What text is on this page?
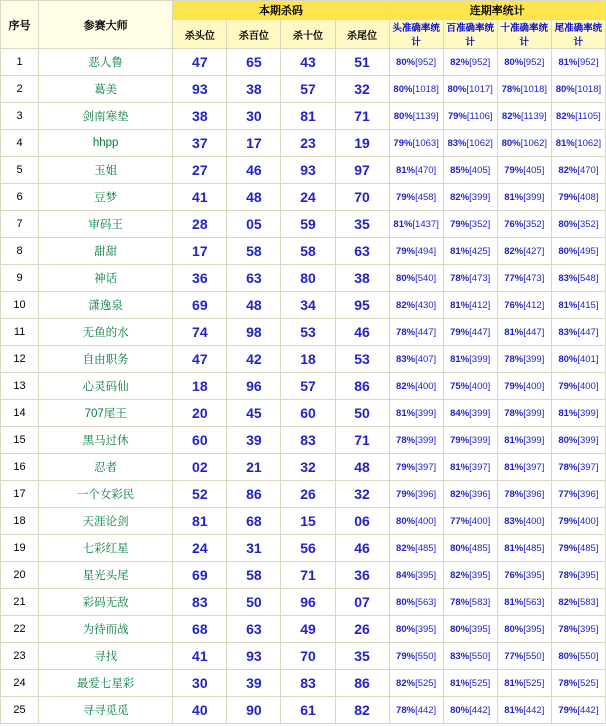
序号	参赛大师	本期杀码				连期率统计			
		杀头位	杀百位	杀十位	杀尾位	头准确率统计	百准确率统计	十准确率统计	尾准确率统计
1	恶人鲁	47	65	43	51	80%[952]	82%[952]	80%[952]	81%[952]
2	葛美	93	38	57	32	80%[1018]	80%[1017]	78%[1018]	80%[1018]
3	剑南寒垫	38	30	81	71	80%[1139]	79%[1106]	82%[1139]	82%[1105]
4	hhpp	37	17	23	19	79%[1063]	83%[1062]	80%[1062]	81%[1062]
5	玉姐	27	46	93	97	81%[470]	85%[405]	79%[405]	82%[470]
6	豆梦	41	48	24	70	79%[458]	82%[399]	81%[399]	79%[408]
7	审码王	28	05	59	35	81%[1437]	79%[352]	76%[352]	80%[352]
8	甜甜	17	58	58	63	79%[494]	81%[425]	82%[427]	80%[495]
9	神话	36	63	80	38	80%[540]	78%[473]	77%[473]	83%[548]
10	潇逸泉	69	48	34	95	82%[430]	81%[412]	76%[412]	81%[415]
11	无鱼的水	74	98	53	46	78%[447]	79%[447]	81%[447]	83%[447]
12	自由职务	47	42	18	53	83%[407]	81%[399]	78%[399]	80%[401]
13	心灵码仙	18	96	57	86	82%[400]	75%[400]	79%[400]	79%[400]
14	707尾王	20	45	60	50	81%[399]	84%[399]	78%[399]	81%[399]
15	黑马过休	60	39	83	71	78%[399]	79%[399]	81%[399]	80%[399]
16	忍者	02	21	32	48	79%[397]	81%[397]	81%[397]	78%[397]
17	一个女彩民	52	86	26	32	79%[396]	82%[396]	78%[396]	77%[396]
18	天涯论剑	81	68	15	06	80%[400]	77%[400]	83%[400]	79%[400]
19	七彩红星	24	31	56	46	82%[485]	80%[485]	81%[485]	79%[485]
20	星光头尾	69	58	71	36	84%[395]	82%[395]	76%[395]	78%[395]
21	彩码无敌	83	50	96	07	80%[563]	78%[583]	81%[563]	82%[583]
22	为待而战	68	63	49	26	80%[395]	80%[395]	80%[395]	78%[395]
23	寻找	41	93	70	35	79%[550]	83%[550]	77%[550]	80%[550]
24	最爱七星彩	30	39	83	86	82%[525]	81%[525]	81%[525]	78%[525]
25	寻寻觅觅	40	90	61	82	78%[442]	80%[442]	81%[442]	79%[442]
